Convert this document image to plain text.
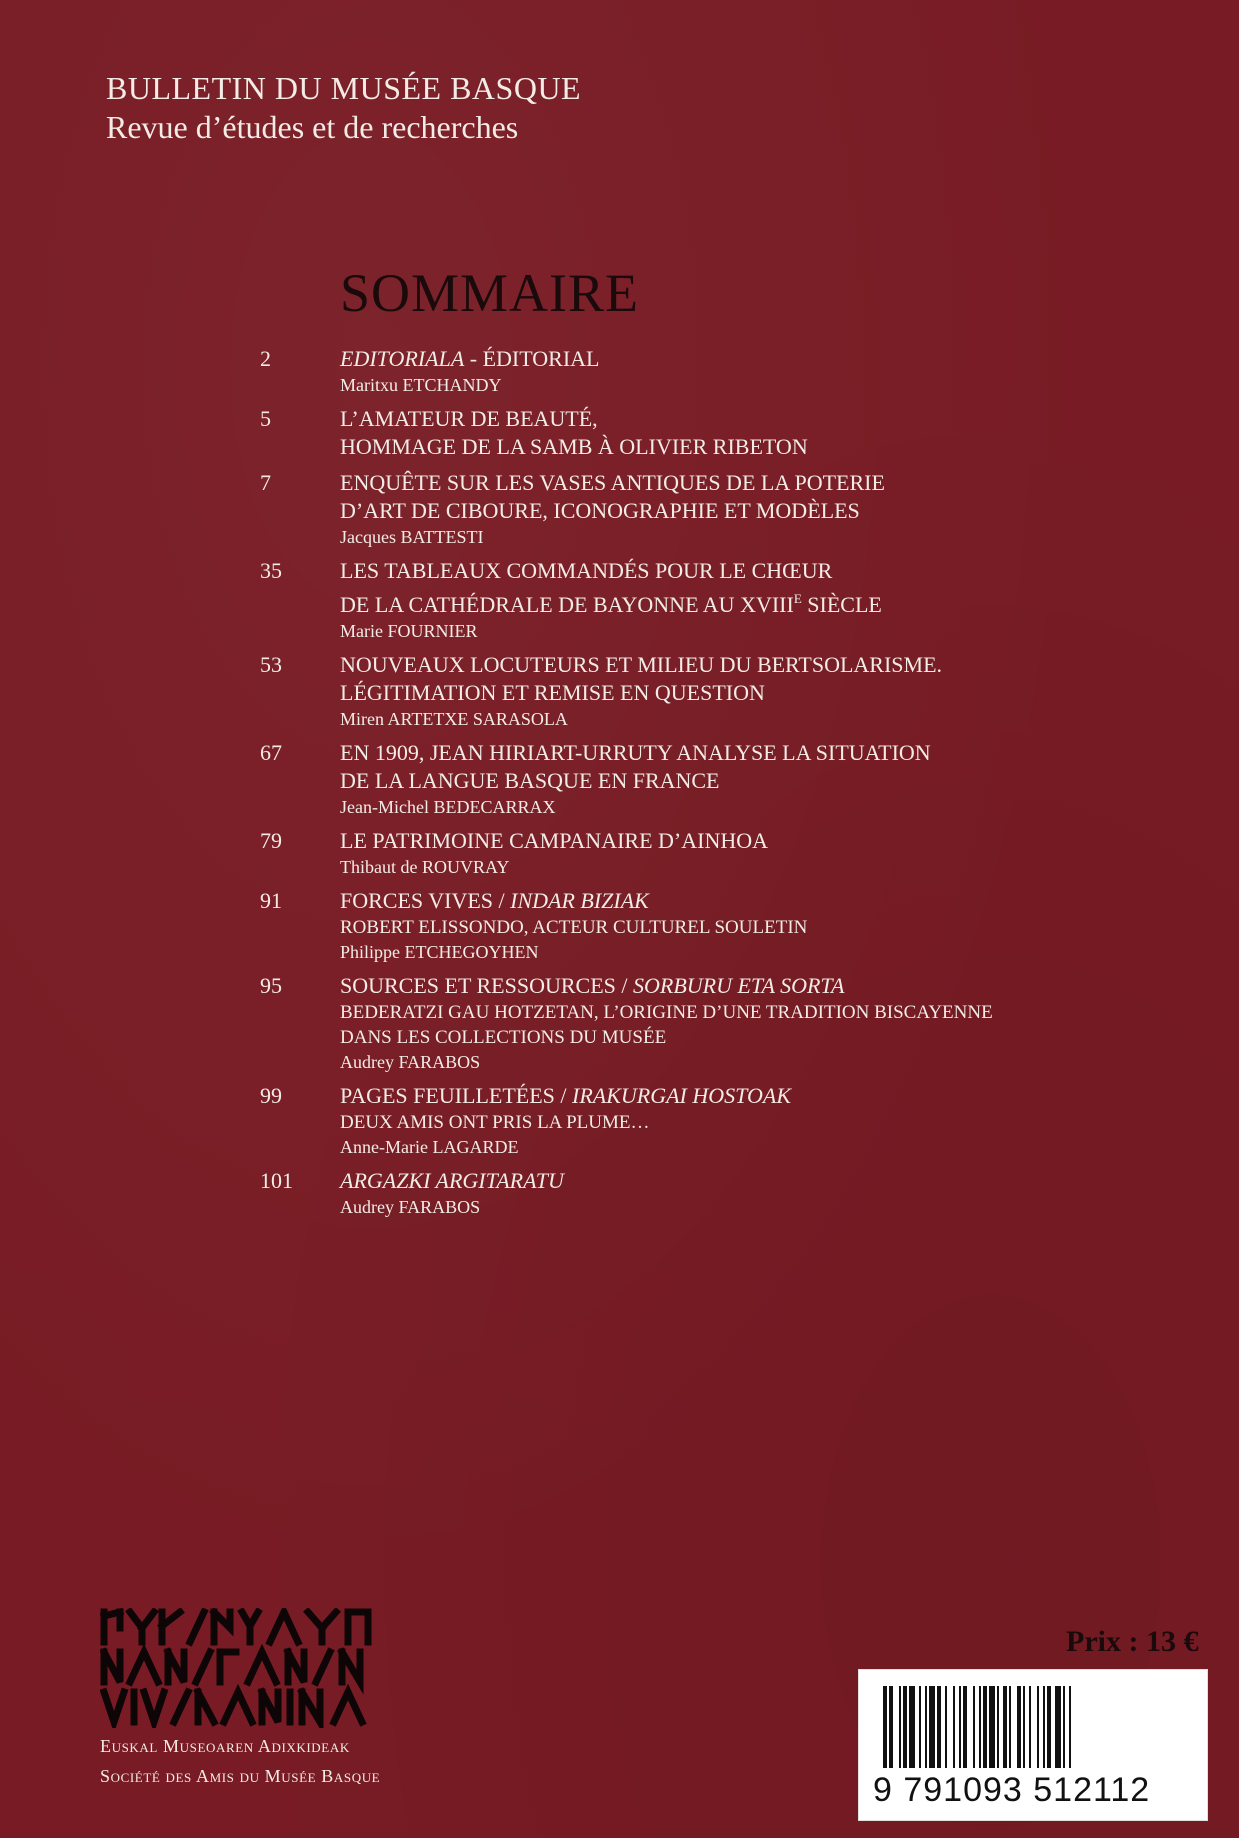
BULLETIN DU MUSÉE BASQUE
Revue d’études et de recherches
SOMMAIRE
2	EDITORIALA - ÉDITORIAL
Maritxu ETCHANDY
5	L’AMATEUR DE BEAUTÉ,
HOMMAGE DE LA SAMB À OLIVIER RIBETON
7	ENQUÊTE SUR LES VASES ANTIQUES DE LA POTERIE
D’ART DE CIBOURE, ICONOGRAPHIE ET MODÈLES
Jacques BATTESTI
35	LES TABLEAUX COMMANDÉS POUR LE CHŒUR
DE LA CATHÉDRALE DE BAYONNE AU $XVIII^E$ SIÈCLE
Marie FOURNIER
53	NOUVEAUX LOCUTEURS ET MILIEU DU BERTSOLARISME.
LÉGITIMATION ET REMISE EN QUESTION
Miren ARTETXE SARASOLA
67	EN 1909, JEAN HIRIART-URRUTY ANALYSE LA SITUATION
DE LA LANGUE BASQUE EN FRANCE
Jean-Michel BEDECARRAX
79	LE PATRIMOINE CAMPANAIRE D’AINHOA
Thibaut de ROUVRAY
91	FORCES VIVES / INDAR BIZIAK
ROBERT ELISSONDO, ACTEUR CULTUREL SOULETIN
Philippe ETCHEGOYHEN
95	SOURCES ET RESSOURCES / SORBURU ETA SORTA
BEDERATZI GAU HOTZETAN, L’ORIGINE D’UNE TRADITION BISCAYENNE
DANS LES COLLECTIONS DU MUSÉE
Audrey FARABOS
99	PAGES FEUILLETÉES / IRAKURGAI HOSTOAK
DEUX AMIS ONT PRIS LA PLUME…
Anne-Marie LAGARDE
101 ARGAZKI ARGITARATU
Audrey FARABOS
Euskal Museoaren Adixkideak
Société des Amis du Musée Basque
Prix : 13 €
9 791093 512112
